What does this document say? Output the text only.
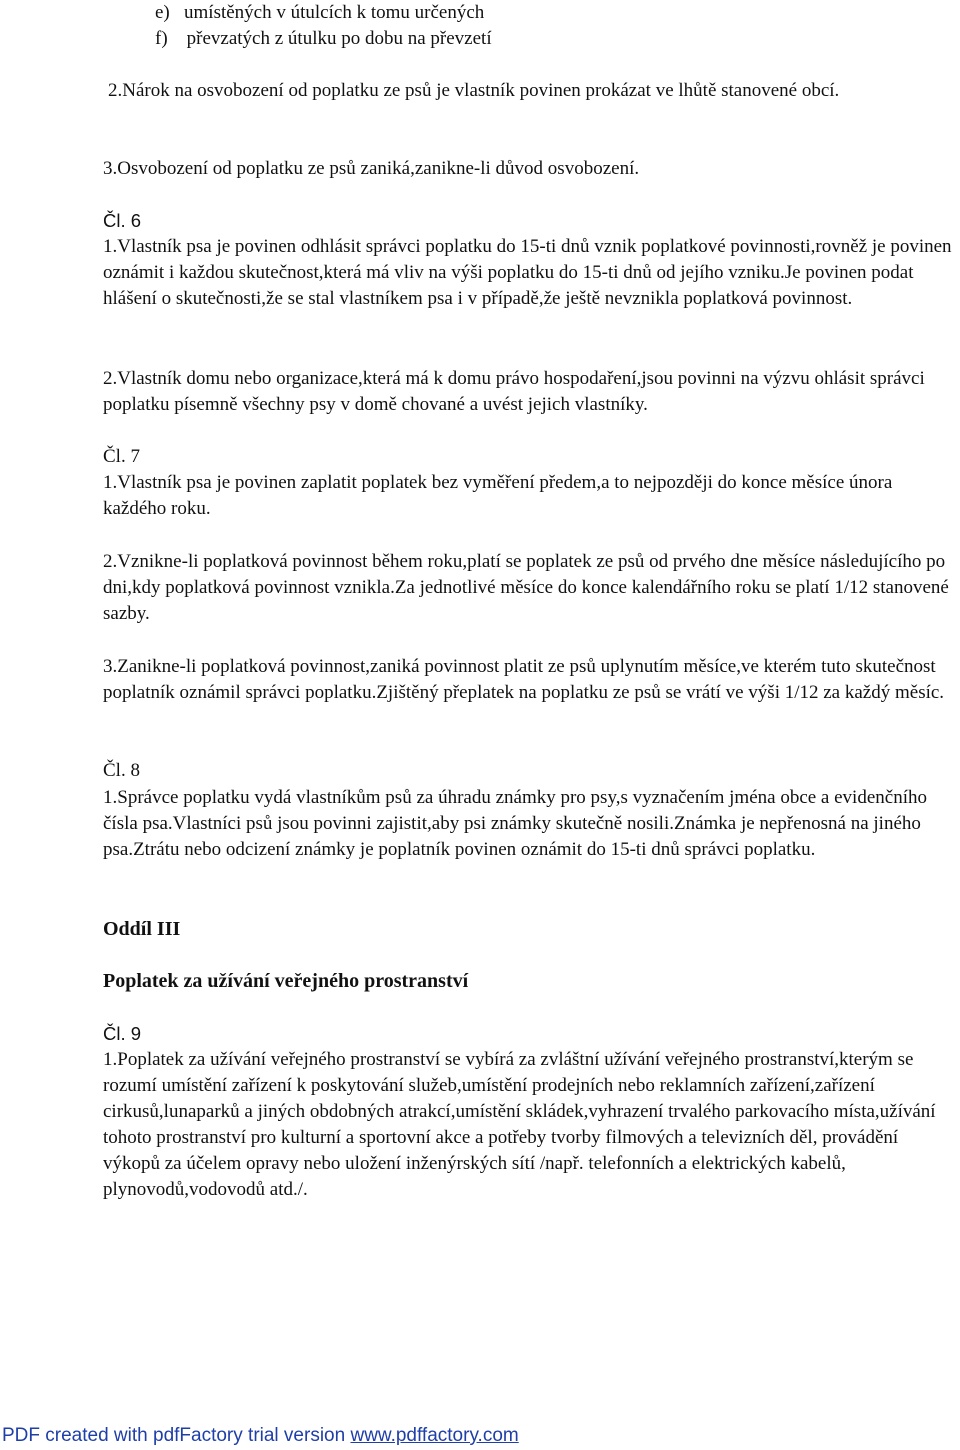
e) umístěných v útulcích k tomu určených
f) převzatých z útulku po dobu na převzetí

2.Nárok na osvobození od poplatku ze psů je vlastník povinen prokázat ve lhůtě stanovené obcí.

3.Osvobození od poplatku ze psů zaniká,zanikne-li důvod osvobození.

Čl. 6

1.Vlastník psa je povinen odhlásit správci poplatku do 15-ti dnů vznik poplatkové povinnosti,rovněž je povinen oznámit i každou skutečnost,která má vliv na výši poplatku do 15-ti dnů od jejího vzniku.Je povinen podat hlášení o skutečnosti,že se stal vlastníkem psa i v případě,že ještě nevznikla poplatková povinnost.

2.Vlastník domu nebo organizace,která má k domu právo hospodaření,jsou povinni na výzvu ohlásit správci poplatku písemně všechny psy v domě chované a uvést jejich vlastníky.

Čl. 7

1.Vlastník psa je povinen zaplatit poplatek bez vyměření předem,a to nejpozději do konce měsíce února každého roku.

2.Vznikne-li poplatková povinnost během roku,platí se poplatek ze psů od prvého dne měsíce následujícího po dni,kdy poplatková povinnost vznikla.Za jednotlivé měsíce do konce kalendářního roku se platí 1/12 stanovené sazby.

3.Zanikne-li poplatková povinnost,zaniká povinnost platit ze psů uplynutím měsíce,ve kterém tuto skutečnost poplatník oznámil správci poplatku.Zjištěný přeplatek na poplatku ze psů se vrátí ve výši 1/12 za každý měsíc.

Čl. 8

1.Správce poplatku vydá vlastníkům psů za úhradu známky pro psy,s vyznačením jména obce a evidenčního čísla psa.Vlastníci psů jsou povinni zajistit,aby psi známky skutečně nosili.Známka je nepřenosná na jiného psa.Ztrátu nebo odcizení známky je poplatník povinen oznámit do 15-ti dnů správci poplatku.

Oddíl III

Poplatek za užívání veřejného prostranství

Čl. 9

1.Poplatek za užívání veřejného prostranství se vybírá za zvláštní užívání veřejného prostranství,kterým se rozumí umístění zařízení k poskytování služeb,umístění prodejních nebo reklamních zařízení,zařízení cirkusů,lunaparků a jiných obdobných atrakcí,umístění skládek,vyhrazení trvalého parkovacího místa,užívání tohoto prostranství pro kulturní a sportovní akce a potřeby tvorby filmových a televizních děl, provádění výkopů za účelem opravy nebo uložení inženýrských sítí /např. telefonních a elektrických kabelů, plynovodů,vodovodů atd./.

PDF created with pdfFactory trial version www.pdffactory.com
